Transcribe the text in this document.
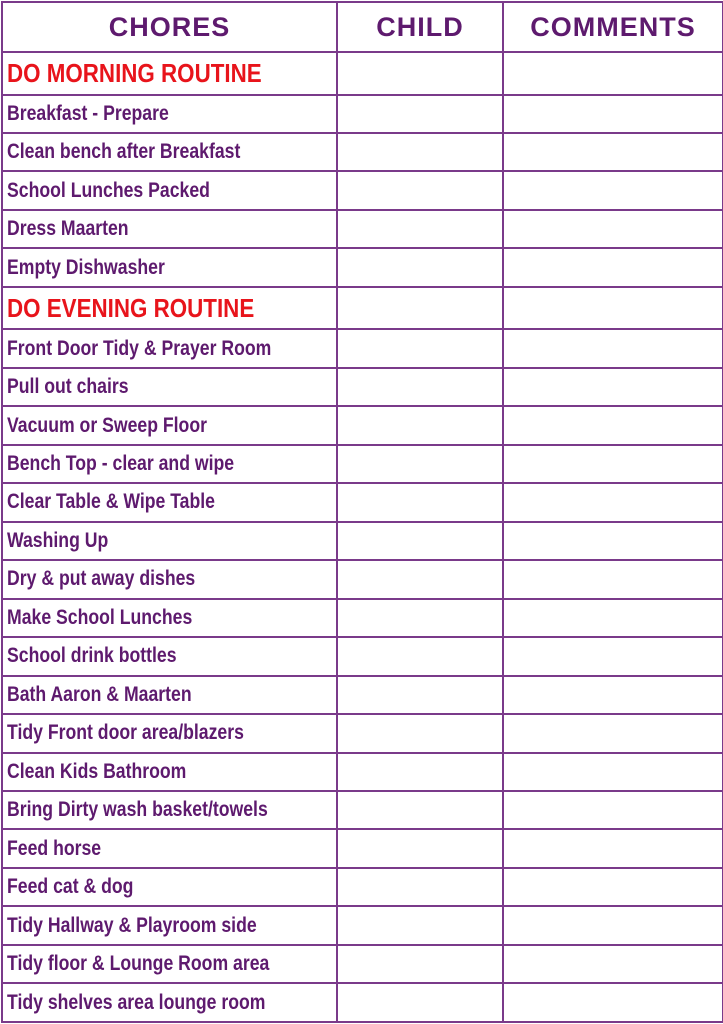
CHORES	CHILD	COMMENTS
DO MORNING ROUTINE		
Breakfast - Prepare		
Clean bench after Breakfast		
School Lunches Packed		
Dress Maarten		
Empty Dishwasher		
DO EVENING ROUTINE		
Front Door Tidy & Prayer Room		
Pull out chairs		
Vacuum or Sweep Floor		
Bench Top - clear and wipe		
Clear Table & Wipe Table		
Washing Up		
Dry & put away dishes		
Make School Lunches		
School drink bottles		
Bath Aaron & Maarten		
Tidy Front door area/blazers		
Clean Kids Bathroom		
Bring Dirty wash basket/towels		
Feed horse		
Feed cat & dog		
Tidy Hallway & Playroom side		
Tidy floor & Lounge Room area		
Tidy shelves area lounge room		
